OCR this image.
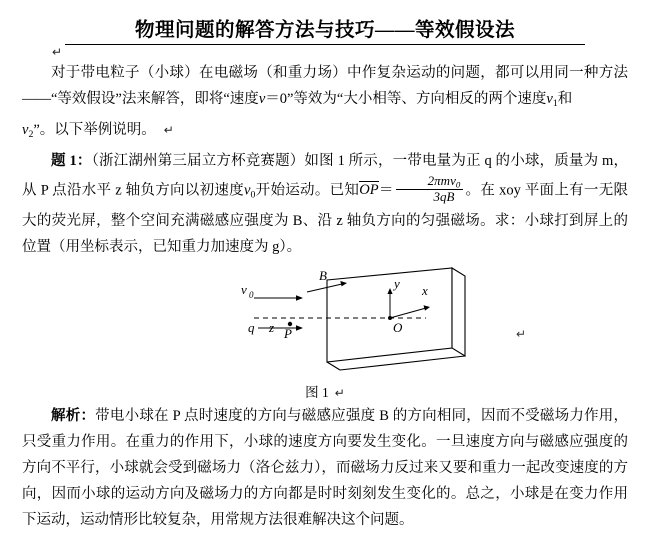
物理问题的解答方法与技巧——等效假设法
↵

对于带电粒子（小球）在电磁场（和重力场）中作复杂运动的问题，都可以用同一种方法——“等效假设”法来解答，即将“速度v＝0”等效为“大小相等、方向相反的两个速度$v_1$和

$v_2$”。以下举例说明。 ↵

题 1：（浙江湖州第三届立方杯竞赛题）如图 1 所示，一带电量为正 q 的小球，质量为 m，从 P 点沿水平 z 轴负方向以初速度$v_0$开始运动。已知$OP= \frac{2\pi mv_0}{3qB}$ 。在 xoy 平面上有一无限大的荧光屏，整个空间充满磁感应强度为 B、沿 z 轴负方向的匀强磁场。求：小球打到屏上的位置（用坐标表示，已知重力加速度为 g）。

v 0
B
q z P	O
y x
↵
图 1 ↵

解析：带电小球在 P 点时速度的方向与磁感应强度 B 的方向相同，因而不受磁场力作用，只受重力作用。在重力的作用下，小球的速度方向要发生变化。一旦速度方向与磁感应强度的方向不平行，小球就会受到磁场力（洛仑兹力），而磁场力反过来又要和重力一起改变速度的方向，因而小球的运动方向及磁场力的方向都是时时刻刻发生变化的。总之，小球是在变力作用下运动，运动情形比较复杂，用常规方法很难解决这个问题。
